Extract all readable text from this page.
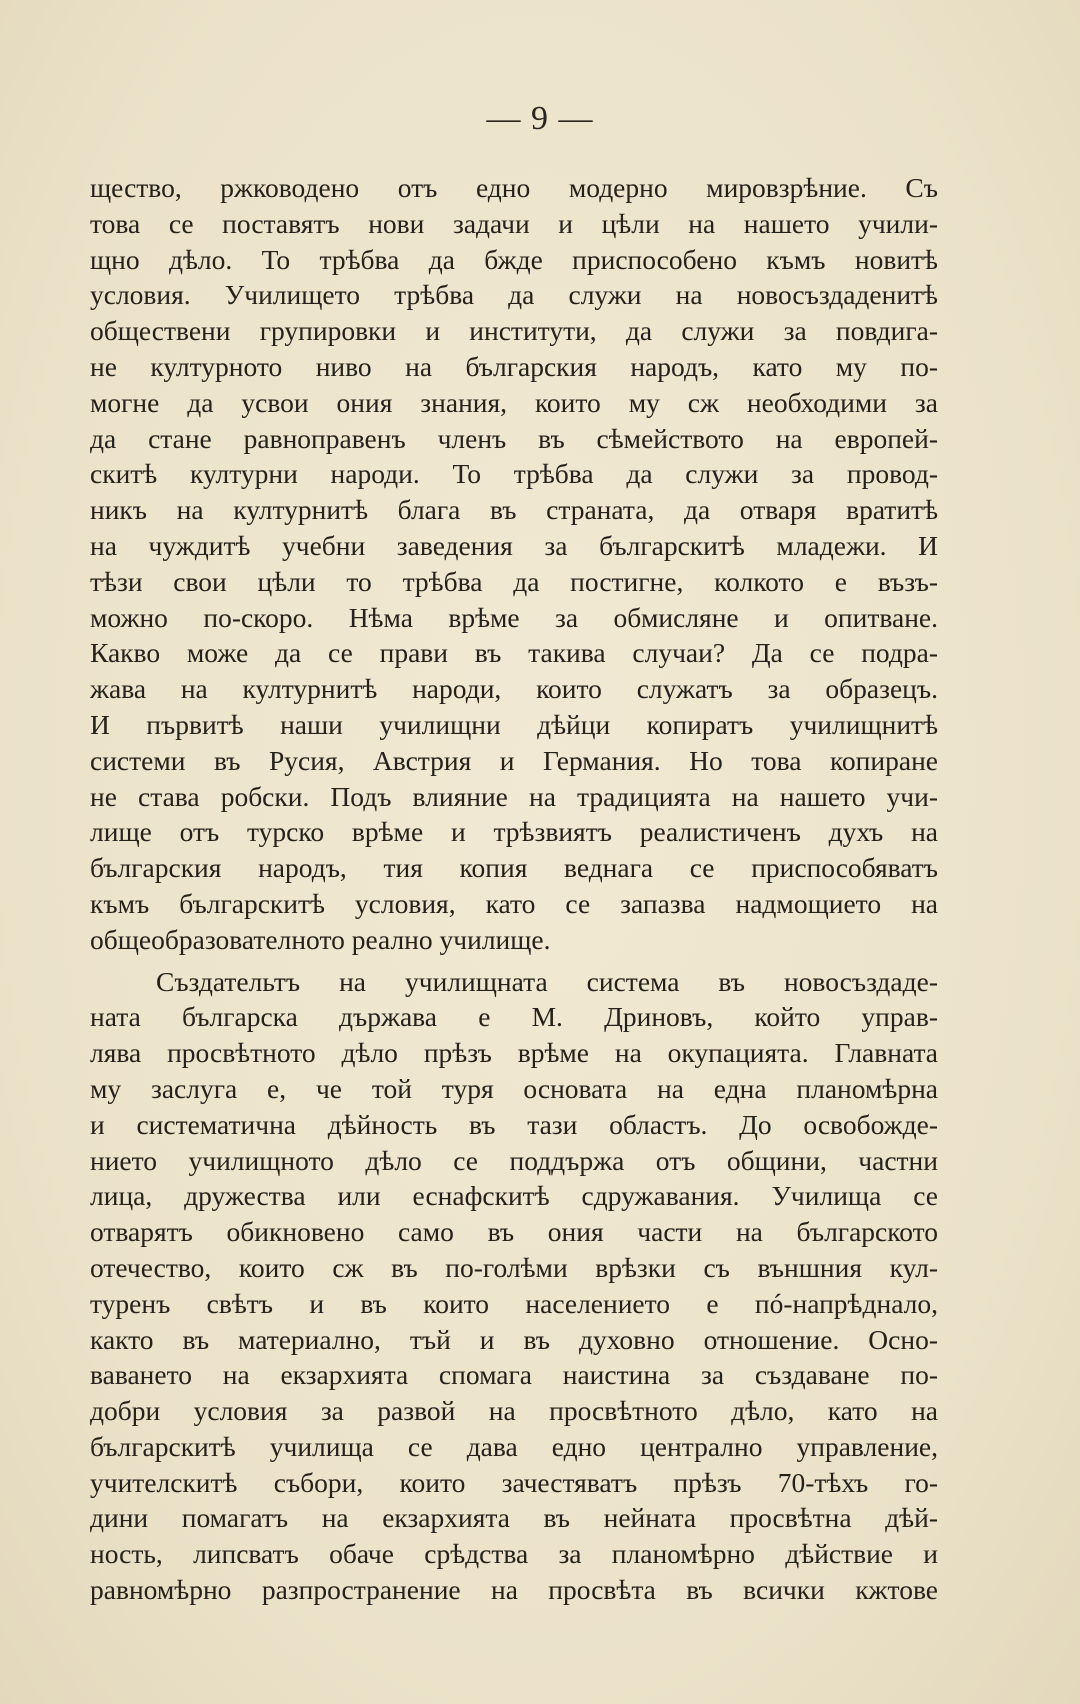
— 9 —
щество, ржководено отъ едно модерно мировзрѣние. Съ
това се поставятъ нови задачи и цѣли на нашето учили-
щно дѣло. То трѣбва да бжде приспособено къмъ новитѣ
условия. Училището трѣбва да служи на новосъздаденитѣ
обществени групировки и институти, да служи за повдига-
не културното ниво на българския народъ, като му по-
могне да усвои ония знания, които му сж необходими за
да стане равноправенъ членъ въ сѣмейството на европей-
скитѣ културни народи. То трѣбва да служи за провод-
никъ на културнитѣ блага въ страната, да отваря вратитѣ
на чуждитѣ учебни заведения за българскитѣ младежи. И
тѣзи свои цѣли то трѣбва да постигне, колкото е възъ-
можно по-скоро. Нѣма врѣме за обмисляне и опитване.
Какво може да се прави въ такива случаи? Да се подра-
жава на културнитѣ народи, които служатъ за образецъ.
И първитѣ наши училищни дѣйци копиратъ училищнитѣ
системи въ Русия, Австрия и Германия. Но това копиране
не става робски. Подъ влияние на традицията на нашето учи-
лище отъ турско врѣме и трѣзвиятъ реалистиченъ духъ на
българския народъ, тия копия веднага се приспособяватъ
къмъ българскитѣ условия, като се запазва надмощието на
общеобразователното реално училище.
Създательтъ на училищната система въ новосъздаде-
ната българска държава е М. Дриновъ, който управ-
лява просвѣтното дѣло прѣзъ врѣме на окупацията. Главната
му заслуга е, че той туря основата на една планомѣрна
и систематична дѣйность въ тази областъ. До освобожде-
нието училищното дѣло се поддържа отъ общини, частни
лица, дружества или еснафскитѣ сдружавания. Училища се
отварятъ обикновено само въ ония части на българското
отечество, които сж въ по-голѣми врѣзки съ външния кул-
туренъ свѣтъ и въ които населението е пó-напрѣднало,
както въ материално, тъй и въ духовно отношение. Осно-
ваването на екзархията спомага наистина за създаване по-
добри условия за развой на просвѣтното дѣло, като на
българскитѣ училища се дава едно централно управление,
учителскитѣ събори, които зачестяватъ прѣзъ 70-тѣхъ го-
дини помагатъ на екзархията въ нейната просвѣтна дѣй-
ность, липсватъ обаче срѣдства за планомѣрно дѣйствие и
равномѣрно разпространение на просвѣта въ всички кжтове
